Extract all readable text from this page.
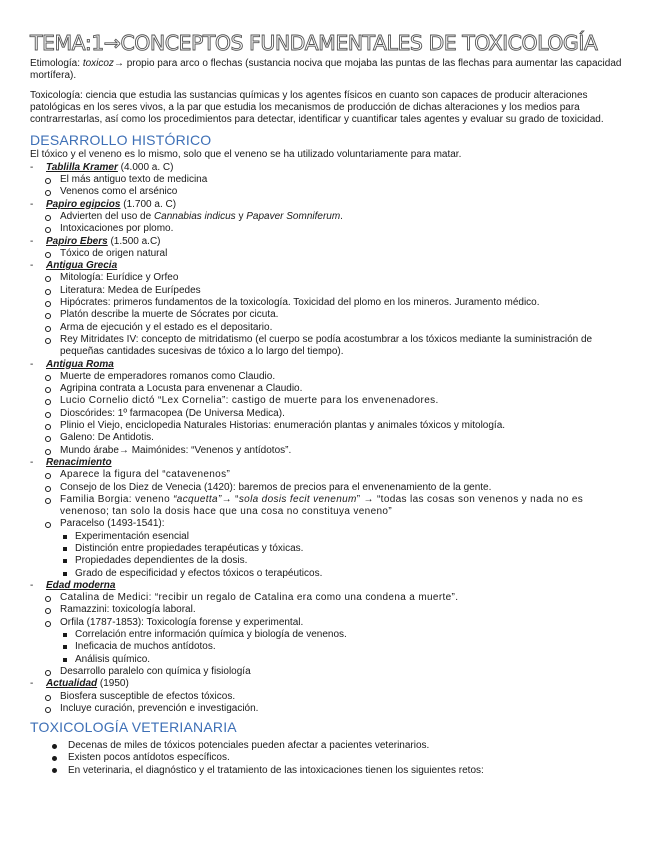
TEMA:1→CONCEPTOS FUNDAMENTALES DE TOXICOLOGÍA

Etimología: toxicoz→ propio para arco o flechas (sustancia nociva que mojaba las puntas de las flechas para aumentar las capacidad mortífera).

Toxicología: ciencia que estudia las sustancias químicas y los agentes físicos en cuanto son capaces de producir alteraciones patológicas en los seres vivos, a la par que estudia los mecanismos de producción de dichas alteraciones y los medios para contrarrestarlas, así como los procedimientos para detectar, identificar y cuantificar tales agentes y evaluar su grado de toxicidad.

DESARROLLO HISTÓRICO

El tóxico y el veneno es lo mismo, solo que el veneno se ha utilizado voluntariamente para matar.

-	Tablilla Kramer (4.000 a. C)
El más antiguo texto de medicina
Venenos como el arsénico
-	Papiro egipcios (1.700 a. C)
Advierten del uso de Cannabias indicus y Papaver Somniferum.
Intoxicaciones por plomo.
-	Papiro Ebers (1.500 a.C)
Tóxico de origen natural
-	Antigua Grecia
Mitología: Eurídice y Orfeo
Literatura: Medea de Eurípedes
Hipócrates: primeros fundamentos de la toxicología. Toxicidad del plomo en los mineros. Juramento médico.
Platón describe la muerte de Sócrates por cicuta.
Arma de ejecución y el estado es el depositario.
Rey Mitridates IV: concepto de mitridatismo (el cuerpo se podía acostumbrar a los tóxicos mediante la suministración de pequeñas cantidades sucesivas de tóxico a lo largo del tiempo).
-	Antigua Roma
Muerte de emperadores romanos como Claudio.
Agripina contrata a Locusta para envenenar a Claudio.
Lucio Cornelio dictó “Lex Cornelia”: castigo de muerte para los envenenadores.
Dioscórides: 1º farmacopea (De Universa Medica).
Plinio el Viejo, enciclopedia Naturales Historias: enumeración plantas y animales tóxicos y mitología.
Galeno: De Antidotis.
Mundo árabe→ Maimónides: “Venenos y antídotos”.
-	Renacimiento
Aparece la figura del “catavenenos”
Consejo de los Diez de Venecia (1420): baremos de precios para el envenenamiento de la gente.
Familia Borgia: veneno “acquetta”→ “sola dosis fecit venenum” → “todas las cosas son venenos y nada no es venenoso; tan solo la dosis hace que una cosa no constituya veneno”
Paracelso (1493-1541):
Experimentación esencial
Distinción entre propiedades terapéuticas y tóxicas.
Propiedades dependientes de la dosis.
Grado de especificidad y efectos tóxicos o terapéuticos.
-	Edad moderna
Catalina de Medici: “recibir un regalo de Catalina era como una condena a muerte”.
Ramazzini: toxicología laboral.
Orfila (1787-1853): Toxicología forense y experimental.
Correlación entre información química y biología de venenos.
Ineficacia de muchos antídotos.
Análisis químico.
Desarrollo paralelo con química y fisiología
-	Actualidad (1950)
Biosfera susceptible de efectos tóxicos.
Incluye curación, prevención e investigación.
TOXICOLOGÍA VETERIANARIA
Decenas de miles de tóxicos potenciales pueden afectar a pacientes veterinarios.
Existen pocos antídotos específicos.
En veterinaria, el diagnóstico y el tratamiento de las intoxicaciones tienen los siguientes retos:
